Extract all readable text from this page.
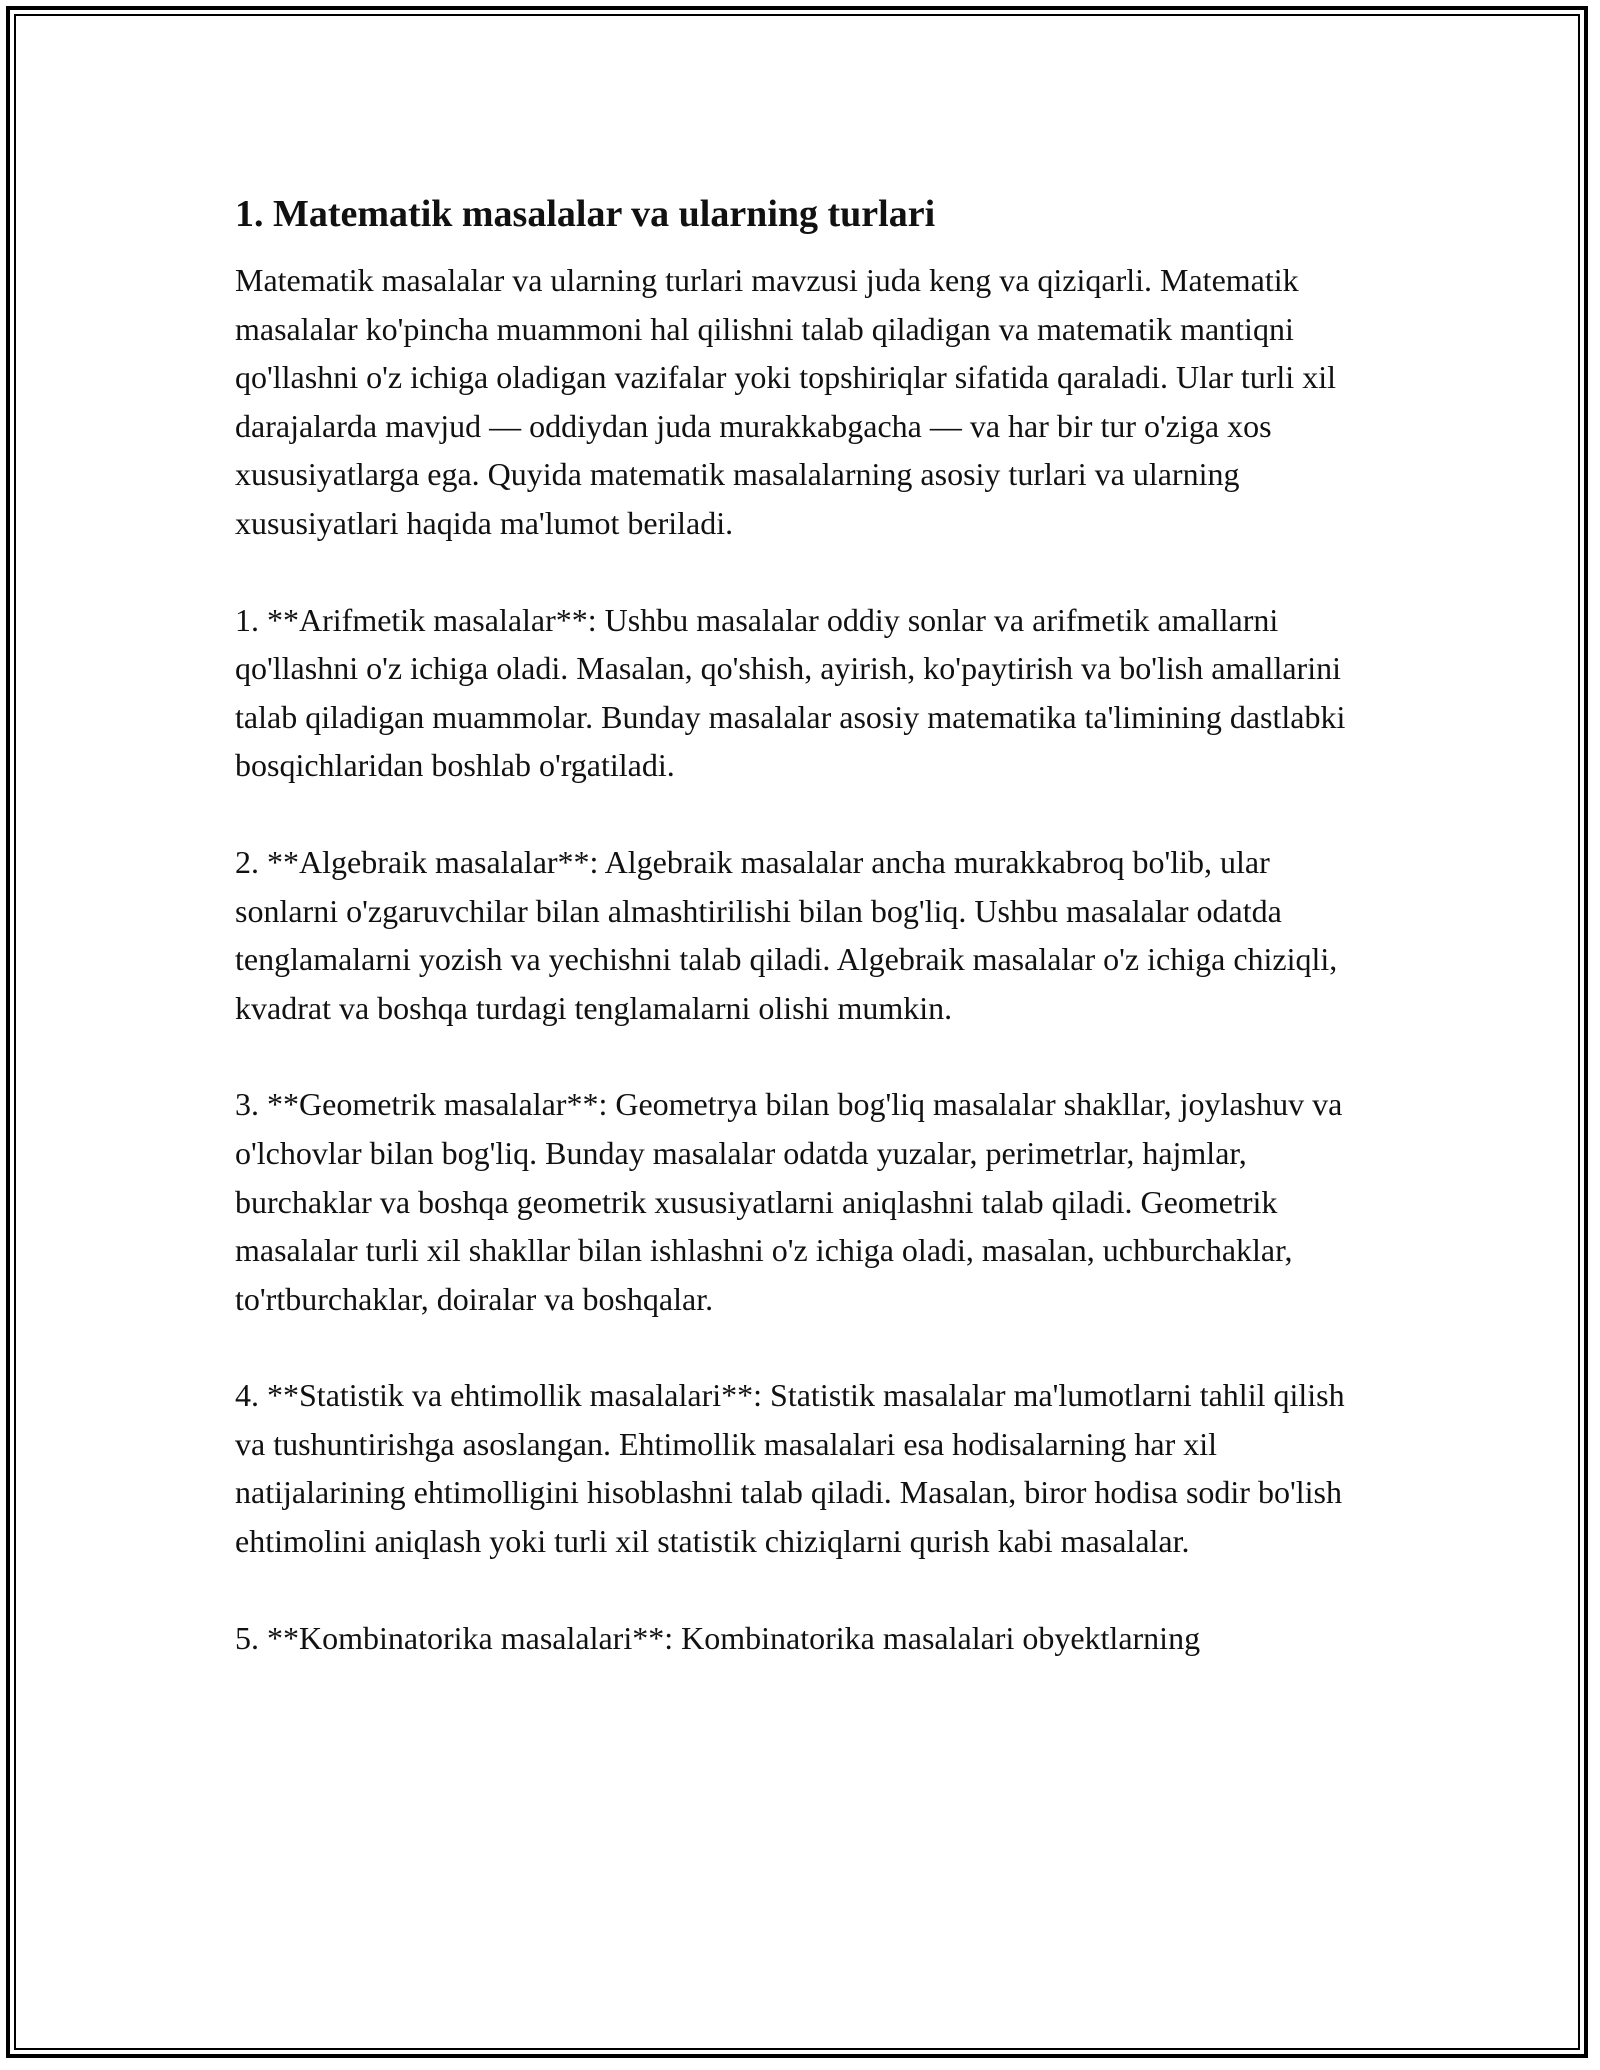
1. Matematik masalalar va ularning turlari

Matematik masalalar va ularning turlari mavzusi juda keng va qiziqarli. Matematik masalalar ko'pincha muammoni hal qilishni talab qiladigan va matematik mantiqni qo'llashni o'z ichiga oladigan vazifalar yoki topshiriqlar sifatida qaraladi. Ular turli xil darajalarda mavjud — oddiydan juda murakkabgacha — va har bir tur o'ziga xos xususiyatlarga ega. Quyida matematik masalalarning asosiy turlari va ularning xususiyatlari haqida ma'lumot beriladi.

1. **Arifmetik masalalar**: Ushbu masalalar oddiy sonlar va arifmetik amallarni qo'llashni o'z ichiga oladi. Masalan, qo'shish, ayirish, ko'paytirish va bo'lish amallarini talab qiladigan muammolar. Bunday masalalar asosiy matematika ta'limining dastlabki bosqichlaridan boshlab o'rgatiladi.

2. **Algebraik masalalar**: Algebraik masalalar ancha murakkabroq bo'lib, ular sonlarni o'zgaruvchilar bilan almashtirilishi bilan bog'liq. Ushbu masalalar odatda tenglamalarni yozish va yechishni talab qiladi. Algebraik masalalar o'z ichiga chiziqli, kvadrat va boshqa turdagi tenglamalarni olishi mumkin.

3. **Geometrik masalalar**: Geometrya bilan bog'liq masalalar shakllar, joylashuv va o'lchovlar bilan bog'liq. Bunday masalalar odatda yuzalar, perimetrlar, hajmlar, burchaklar va boshqa geometrik xususiyatlarni aniqlashni talab qiladi. Geometrik masalalar turli xil shakllar bilan ishlashni o'z ichiga oladi, masalan, uchburchaklar, to'rtburchaklar, doiralar va boshqalar.

4. **Statistik va ehtimollik masalalari**: Statistik masalalar ma'lumotlarni tahlil qilish va tushuntirishga asoslangan. Ehtimollik masalalari esa hodisalarning har xil natijalarining ehtimolligini hisoblashni talab qiladi. Masalan, biror hodisa sodir bo'lish ehtimolini aniqlash yoki turli xil statistik chiziqlarni qurish kabi masalalar.

5. **Kombinatorika masalalari**: Kombinatorika masalalari obyektlarning
